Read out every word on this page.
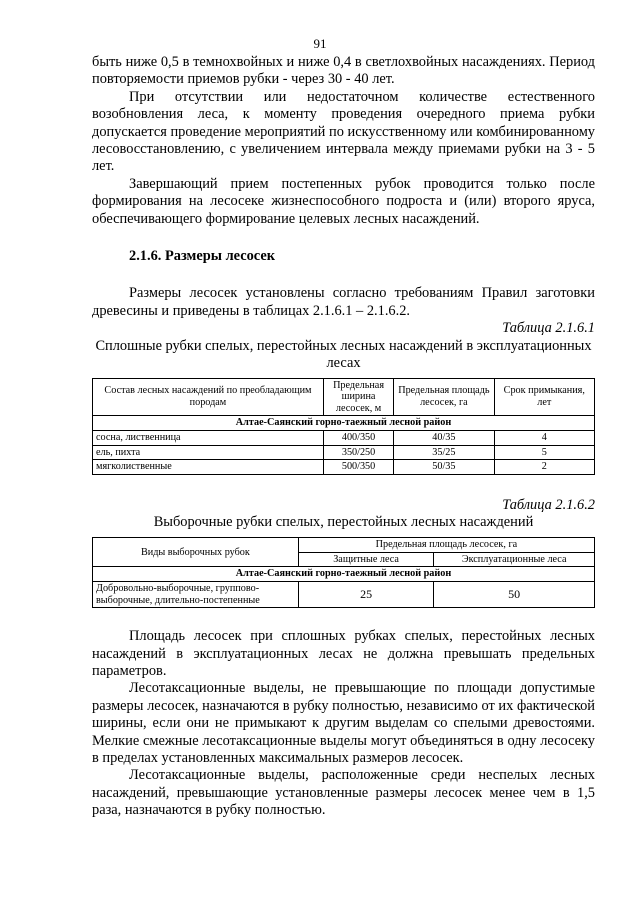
91

быть ниже 0,5 в темнохвойных и ниже 0,4 в светлохвойных насаждениях. Период повторяемости приемов рубки - через 30 - 40 лет.

При отсутствии или недостаточном количестве естественного возобновления леса, к моменту проведения очередного приема рубки допускается проведение мероприятий по искусственному или комбинированному лесовосстановлению, с увеличением интервала между приемами рубки на 3 - 5 лет.

Завершающий прием постепенных рубок проводится только после формирования на лесосеке жизнеспособного подроста и (или) второго яруса, обеспечивающего формирование целевых лесных насаждений.

2.1.6. Размеры лесосек

Размеры лесосек установлены согласно требованиям Правил заготовки древесины и приведены в таблицах 2.1.6.1 – 2.1.6.2.

Таблица 2.1.6.1

Сплошные рубки спелых, перестойных лесных насаждений в эксплуатационных лесах

Состав лесных насаждений по преобладающим породам	Предельная ширина лесосек, м	Предельная площадь лесосек, га	Срок примыкания, лет
Алтае-Саянский горно-таежный лесной район			
сосна, лиственница	400/350	40/35	4
ель, пихта	350/250	35/25	5
мягколиственные	500/350	50/35	2

Таблица 2.1.6.2

Выборочные рубки спелых, перестойных лесных насаждений

Виды выборочных рубок	Предельная площадь лесосек, га	
	Защитные леса	Эксплуатационные леса
Алтае-Саянский горно-таежный лесной район		
Добровольно-выборочные, группово-выборочные, длительно-постепенные	25	50

Площадь лесосек при сплошных рубках спелых, перестойных лесных насаждений в эксплуатационных лесах не должна превышать предельных параметров.

Лесотаксационные выделы, не превышающие по площади допустимые размеры лесосек, назначаются в рубку полностью, независимо от их фактической ширины, если они не примыкают к другим выделам со спелыми древостоями. Мелкие смежные лесотаксационные выделы могут объединяться в одну лесосеку в пределах установленных максимальных размеров лесосек.

Лесотаксационные выделы, расположенные среди неспелых лесных насаждений, превышающие установленные размеры лесосек менее чем в 1,5 раза, назначаются в рубку полностью.
